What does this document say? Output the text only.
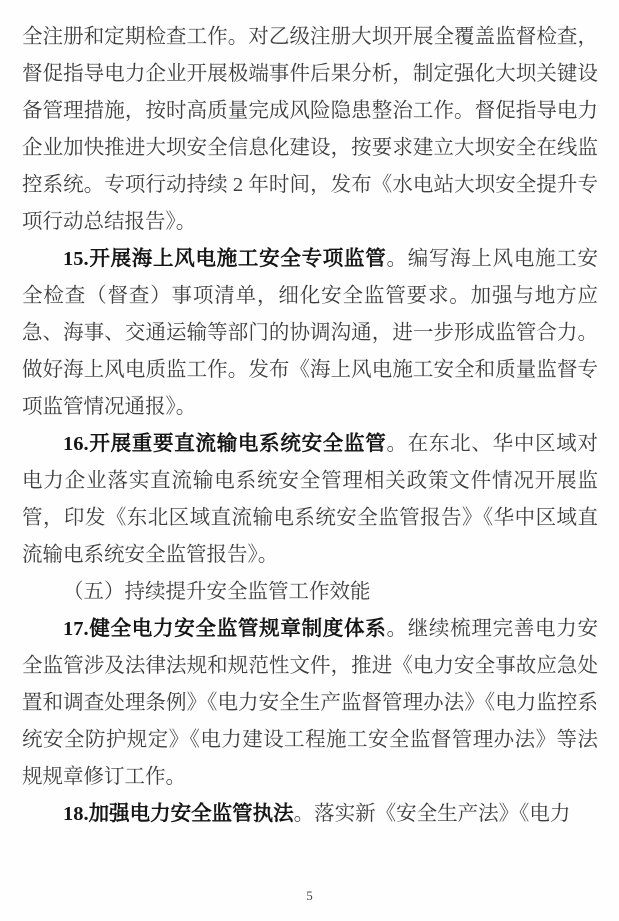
全注册和定期检查工作。对乙级注册大坝开展全覆盖监督检查，督促指导电力企业开展极端事件后果分析，制定强化大坝关键设备管理措施，按时高质量完成风险隐患整治工作。督促指导电力企业加快推进大坝安全信息化建设，按要求建立大坝安全在线监控系统。专项行动持续 2 年时间，发布《水电站大坝安全提升专项行动总结报告》。

15.开展海上风电施工安全专项监管。编写海上风电施工安全检查（督查）事项清单，细化安全监管要求。加强与地方应急、海事、交通运输等部门的协调沟通，进一步形成监管合力。做好海上风电质监工作。发布《海上风电施工安全和质量监督专项监管情况通报》。

16.开展重要直流输电系统安全监管。在东北、华中区域对电力企业落实直流输电系统安全管理相关政策文件情况开展监管，印发《东北区域直流输电系统安全监管报告》《华中区域直流输电系统安全监管报告》。

（五）持续提升安全监管工作效能

17.健全电力安全监管规章制度体系。继续梳理完善电力安全监管涉及法律法规和规范性文件，推进《电力安全事故应急处置和调查处理条例》《电力安全生产监督管理办法》《电力监控系统安全防护规定》《电力建设工程施工安全监督管理办法》等法规规章修订工作。

18.加强电力安全监管执法。落实新《安全生产法》《电力

5
